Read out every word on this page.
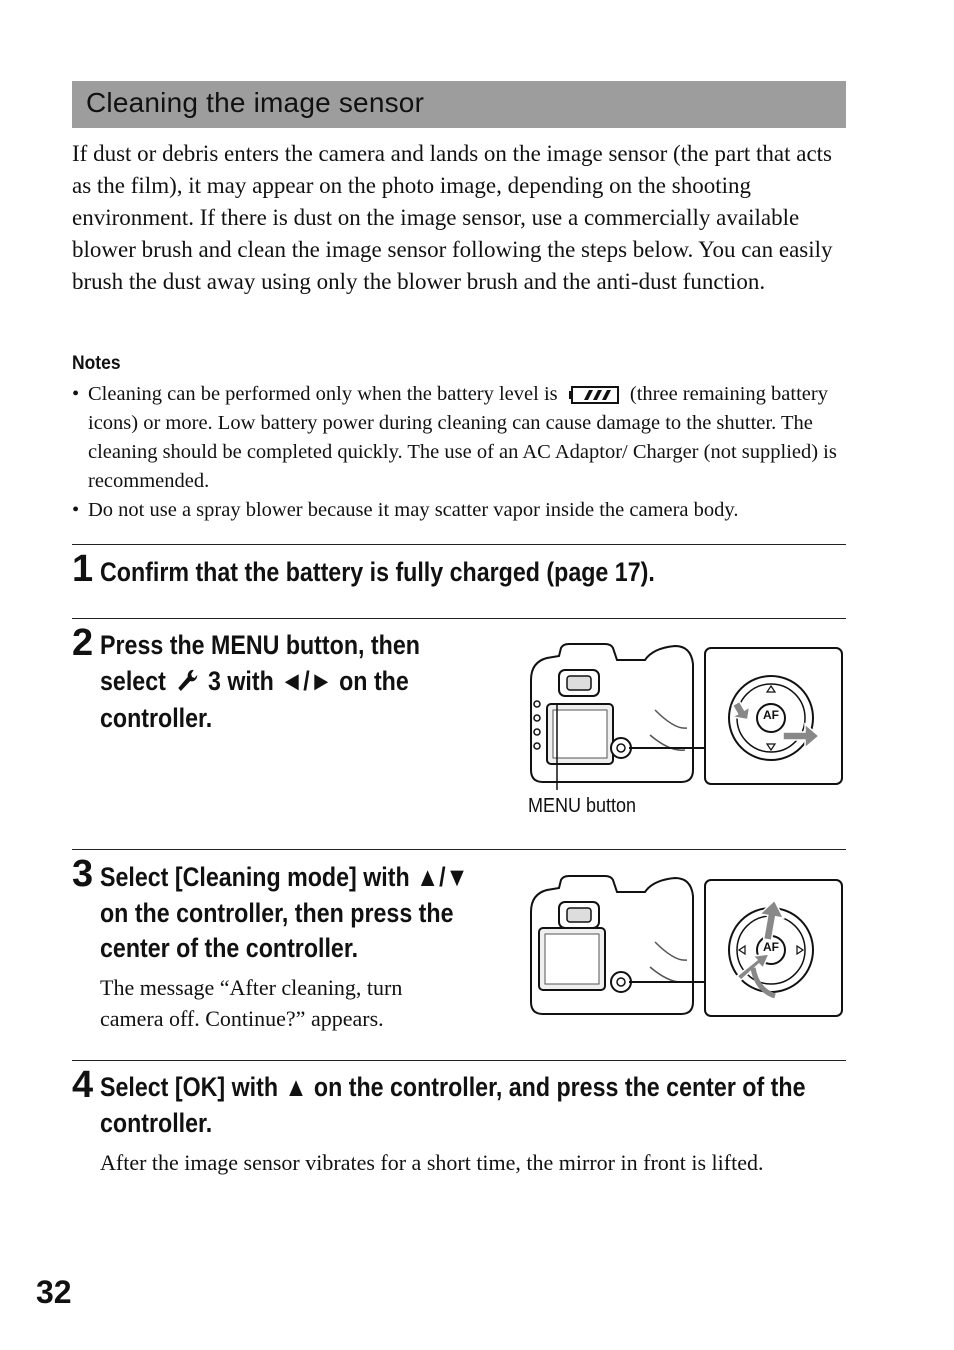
Cleaning the image sensor

If dust or debris enters the camera and lands on the image sensor (the part that acts as the film), it may appear on the photo image, depending on the shooting environment. If there is dust on the image sensor, use a commercially available blower brush and clean the image sensor following the steps below. You can easily brush the dust away using only the blower brush and the anti-dust function.

Notes
• Cleaning can be performed only when the battery level is	(three remaining battery icons) or more. Low battery power during cleaning can cause damage to the shutter. The cleaning should be completed quickly. The use of an AC Adaptor/ Charger (not supplied) is recommended.
• Do not use a spray blower because it may scatter vapor inside the camera body.
1 Confirm that the battery is fully charged (page 17).
2 Press the MENU button, then
select 3 with ◄/► on the
controller.	AF
MENU button
3 Select [Cleaning mode] with ▲/▼
on the controller, then press the
center of the controller.
The message “After cleaning, turn
camera off. Continue?” appears.
AF
4 Select [OK] with ▲ on the controller, and press the center of the
controller.
After the image sensor vibrates for a short time, the mirror in front is lifted.
32
